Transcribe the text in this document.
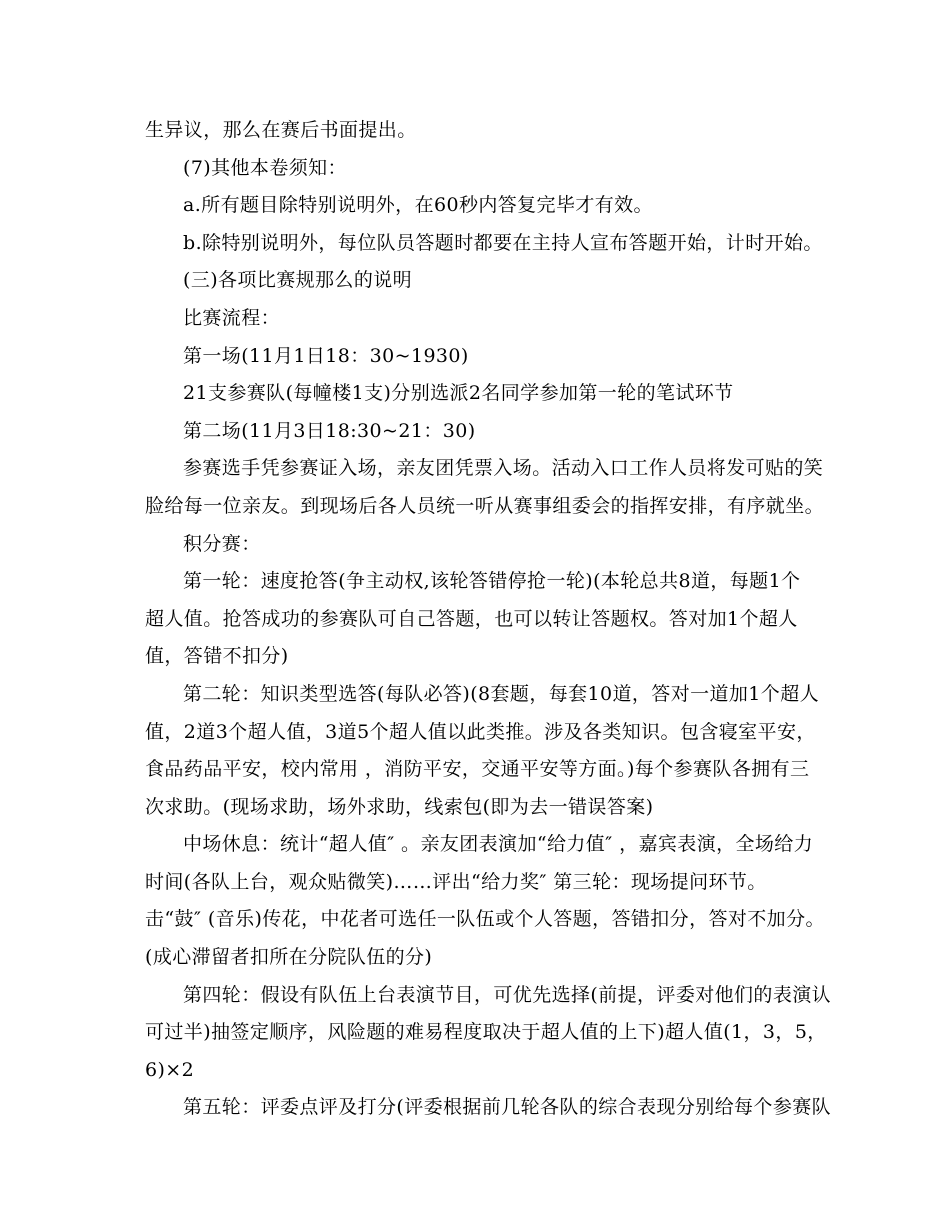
生异议，那么在赛后书面提出。
(7)其他本卷须知：
a.所有题目除特别说明外，在60秒内答复完毕才有效。
b.除特别说明外，每位队员答题时都要在主持人宣布答题开始，计时开始。
(三)各项比赛规那么的说明
比赛流程：
第一场(11月1日18：30~1930)
21支参赛队(每幢楼1支)分别选派2名同学参加第一轮的笔试环节
第二场(11月3日18:30~21：30)
参赛选手凭参赛证入场，亲友团凭票入场。活动入口工作人员将发可贴的笑
脸给每一位亲友。到现场后各人员统一听从赛事组委会的指挥安排，有序就坐。
积分赛：
第一轮：速度抢答(争主动权,该轮答错停抢一轮)(本轮总共8道，每题1个
超人值。抢答成功的参赛队可自己答题，也可以转让答题权。答对加1个超人
值，答错不扣分)
第二轮：知识类型选答(每队必答)(8套题，每套10道，答对一道加1个超人
值，2道3个超人值，3道5个超人值以此类推。涉及各类知识。包含寝室平安，
食品药品平安，校内常用 ，消防平安，交通平安等方面。)每个参赛队各拥有三
次求助。(现场求助，场外求助，线索包(即为去一错误答案)
中场休息：统计“超人值″ 。亲友团表演加“给力值″ ，嘉宾表演，全场给力
时间(各队上台，观众贴微笑)……评出“给力奖″ 第三轮：现场提问环节。
击“鼓″ (音乐)传花，中花者可选任一队伍或个人答题，答错扣分，答对不加分。
(成心滞留者扣所在分院队伍的分)
第四轮：假设有队伍上台表演节目，可优先选择(前提，评委对他们的表演认
可过半)抽签定顺序，风险题的难易程度取决于超人值的上下)超人值(1，3，5，
6)×2
第五轮：评委点评及打分(评委根据前几轮各队的综合表现分别给每个参赛队
